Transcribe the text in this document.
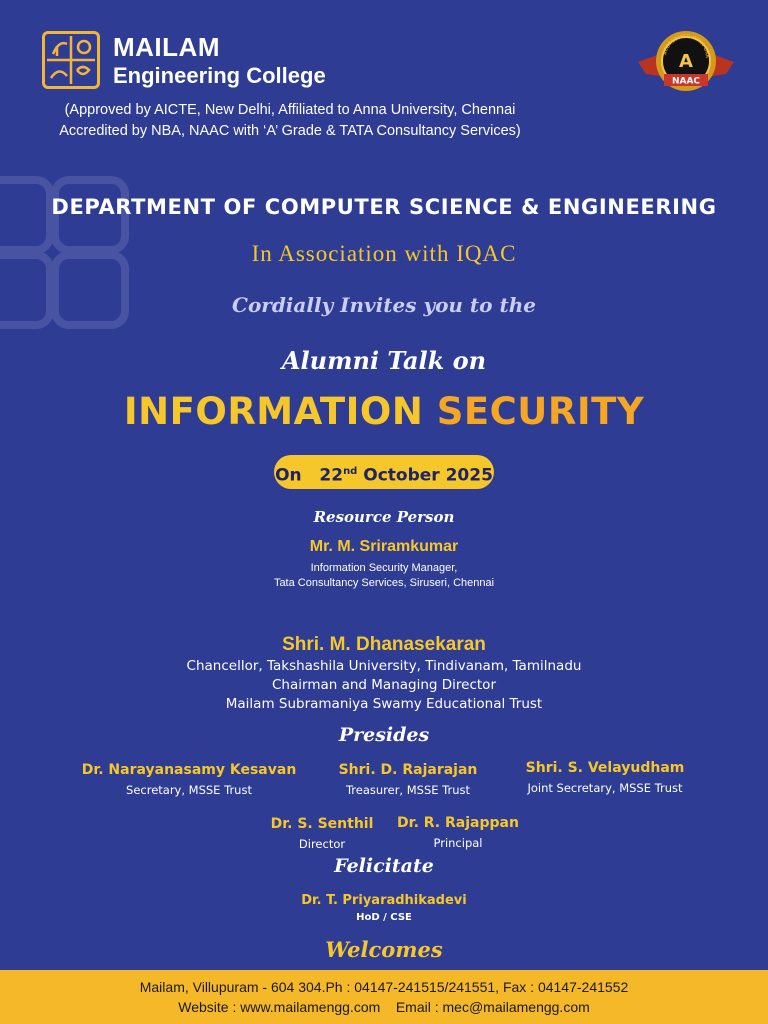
MAILAM
Engineering College
(Approved by AICTE, New Delhi, Affiliated to Anna University, Chennai
Accredited by NBA, NAAC with ‘A’ Grade & TATA Consultancy Services)
ACCREDITED WITH GRA
A
NAAC
DEPARTMENT OF COMPUTER SCIENCE & ENGINEERING
In Association with IQAC
Cordially Invites you to the
Alumni Talk on
INFORMATION SECURITY
On 22nd October 2025
Resource Person
Mr. M. Sriramkumar
Information Security Manager,
Tata Consultancy Services, Siruseri, Chennai
Shri. M. Dhanasekaran
Chancellor, Takshashila University, Tindivanam, Tamilnadu
Chairman and Managing Director
Mailam Subramaniya Swamy Educational Trust
Presides
Dr. Narayanasamy Kesavan
Secretary, MSSE Trust
Shri. D. Rajarajan
Treasurer, MSSE Trust
Shri. S. Velayudham
Joint Secretary, MSSE Trust
Dr. S. Senthil
Director
Dr. R. Rajappan
Principal
Felicitate
Dr. T. Priyaradhikadevi
HoD / CSE
Welcomes
Mailam, Villupuram - 604 304.Ph : 04147-241515/241551, Fax : 04147-241552
Website : www.mailamengg.com    Email : mec@mailamengg.com
